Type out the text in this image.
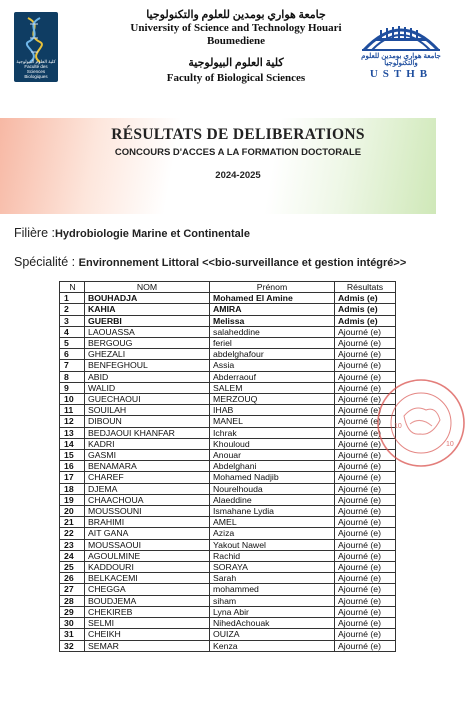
كلية العلوم البيولوجية
Faculté des Sciences Biologiques
جامعة هواري بومدين للعلوم والتكنولوجيا
University of Science and Technology Houari
Boumediene
كلية العلوم البيولوجية
Faculty of Biological Sciences
جامعة هواري بومدين للعلوم والتكنولوجيا
USTHB
RÉSULTATS DE DELIBERATIONS
CONCOURS D'ACCES A LA FORMATION DOCTORALE
2024-2025
Filière :Hydrobiologie Marine et Continentale
Spécialité : Environnement Littoral <<bio-surveillance et gestion intégré>>
N	NOM	Prénom	Résultats
1	BOUHADJA	Mohamed El Amine	Admis (e)
2	KAHIA	AMIRA	Admis (e)
3	GUERBI	Melissa	Admis (e)
4	LAOUASSA	salaheddine	Ajourné (e)
5	BERGOUG	feriel	Ajourné (e)
6	GHEZALI	abdelghafour	Ajourné (e)
7	BENFEGHOUL	Assia	Ajourné (e)
8	ABID	Abderraouf	Ajourné (e)
9	WALID	SALEM	Ajourné (e)
10	GUECHAOUI	MERZOUQ	Ajourné (e)
11	SOUILAH	IHAB	Ajourné (e)
12	DIBOUN	MANEL	Ajourné (e)
13	BEDJAOUI KHANFAR	Ichrak	Ajourné (e)
14	KADRI	Khouloud	Ajourné (e)
15	GASMI	Anouar	Ajourné (e)
16	BENAMARA	Abdelghani	Ajourné (e)
17	CHAREF	Mohamed Nadjib	Ajourné (e)
18	DJEMA	Nourelhouda	Ajourné (e)
19	CHAACHOUA	Alaeddine	Ajourné (e)
20	MOUSSOUNI	Ismahane Lydia	Ajourné (e)
21	BRAHIMI	AMEL	Ajourné (e)
22	AIT GANA	Aziza	Ajourné (e)
23	MOUSSAOUI	Yakout Nawel	Ajourné (e)
24	AGOULMINE	Rachid	Ajourné (e)
25	KADDOURI	SORAYA	Ajourné (e)
26	BELKACEMI	Sarah	Ajourné (e)
27	CHEGGA	mohammed	Ajourné (e)
28	BOUDJEMA	siham	Ajourné (e)
29	CHEKIREB	Lyna Abir	Ajourné (e)
30	SELMI	NihedAchouak	Ajourné (e)
31	CHEIKH	OUIZA	Ajourné (e)
32	SEMAR	Kenza	Ajourné (e)
10
10
